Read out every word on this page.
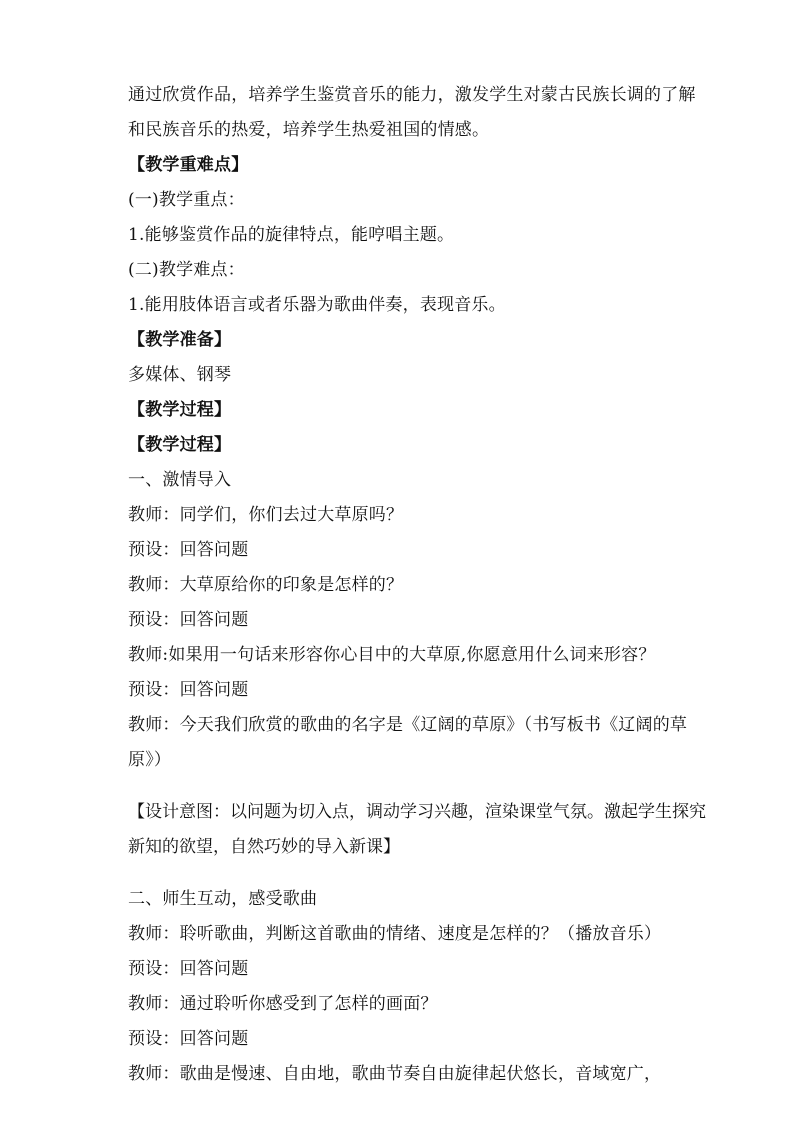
通过欣赏作品，培养学生鉴赏音乐的能力，激发学生对蒙古民族长调的了解和民族音乐的热爱，培养学生热爱祖国的情感。

【教学重难点】

(一)教学重点：

1.能够鉴赏作品的旋律特点，能哼唱主题。

(二)教学难点：

1.能用肢体语言或者乐器为歌曲伴奏，表现音乐。

【教学准备】

多媒体、钢琴

【教学过程】

【教学过程】

一、激情导入

教师：同学们，你们去过大草原吗？

预设：回答问题

教师：大草原给你的印象是怎样的？

预设：回答问题

教师:如果用一句话来形容你心目中的大草原,你愿意用什么词来形容？

预设：回答问题

教师：今天我们欣赏的歌曲的名字是《辽阔的草原》（书写板书《辽阔的草原》）

【设计意图：以问题为切入点，调动学习兴趣，渲染课堂气氛。激起学生探究新知的欲望，自然巧妙的导入新课】

二、师生互动，感受歌曲

教师：聆听歌曲，判断这首歌曲的情绪、速度是怎样的？（播放音乐）

预设：回答问题

教师：通过聆听你感受到了怎样的画面？

预设：回答问题

教师：歌曲是慢速、自由地，歌曲节奏自由旋律起伏悠长，音域宽广，
